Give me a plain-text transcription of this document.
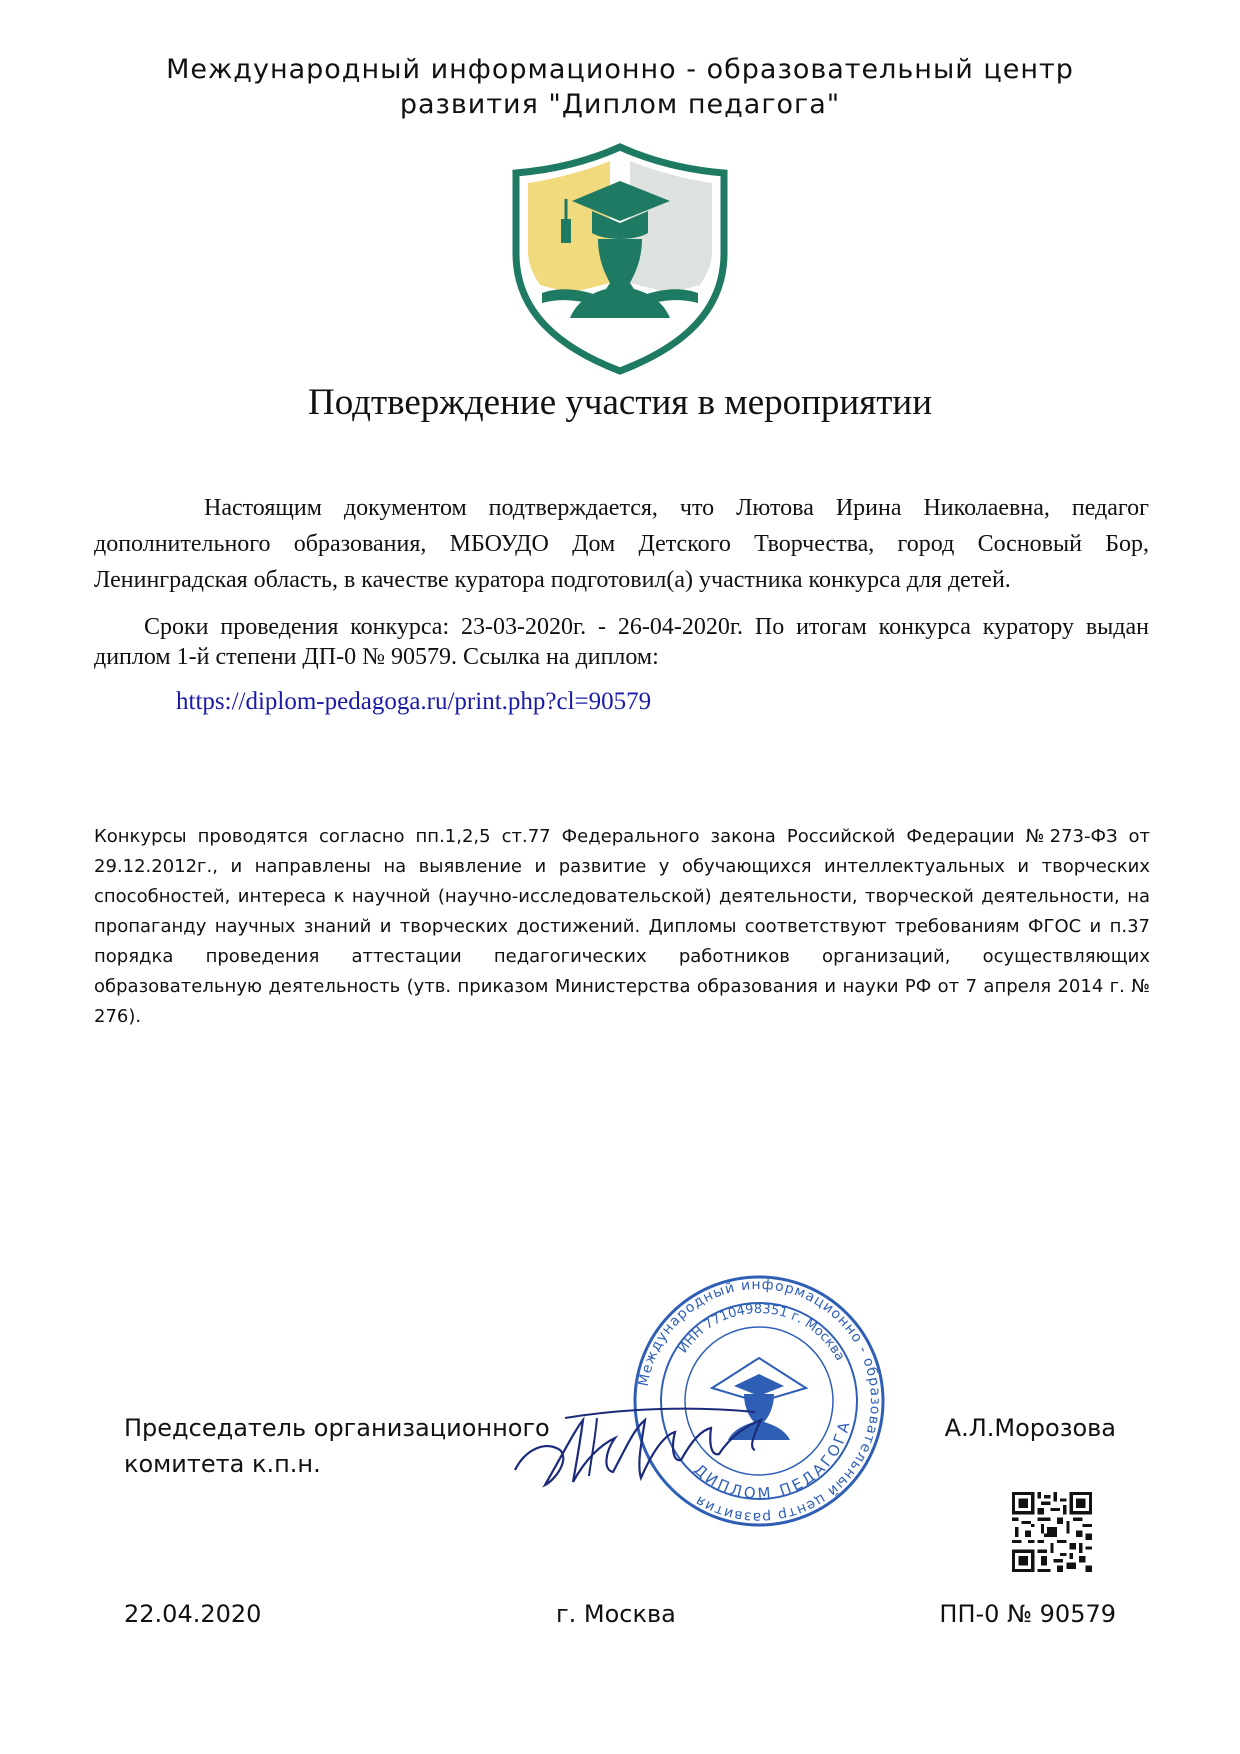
Международный информационно - образовательный центр
развития "Диплом педагога"
Подтверждение участия в мероприятии
Настоящим документом подтверждается, что Лютова Ирина Николаевна, педагог дополнительного образования, МБОУДО Дом Детского Творчества, город Сосновый Бор, Ленинградская область, в качестве куратора подготовил(а) участника конкурса для детей.
Сроки проведения конкурса: 23-03-2020г. - 26-04-2020г. По итогам конкурса куратору выдан диплом 1-й степени ДП-0 № 90579. Ссылка на диплом:
https://diplom-pedagoga.ru/print.php?cl=90579
Конкурсы проводятся согласно пп.1,2,5 ст.77 Федерального закона Российской Федерации №273-ФЗ от 29.12.2012г., и направлены на выявление и развитие у обучающихся интеллектуальных и творческих способностей, интереса к научной (научно-исследовательской) деятельности, творческой деятельности, на пропаганду научных знаний и творческих достижений. Дипломы соответствуют требованиям ФГОС и п.37 порядка проведения аттестации педагогических работников организаций, осуществляющих образовательную деятельность (утв. приказом Министерства образования и науки РФ от 7 апреля 2014 г. № 276).
Международный информационно - образовательный центр развития
ИНН 7710498351 г. Москва
ДИПЛОМ ПЕДАГОГА
Председатель организационного
комитета к.п.н.
А.Л.Морозова
22.04.2020	г. Москва	ПП-0 № 90579
